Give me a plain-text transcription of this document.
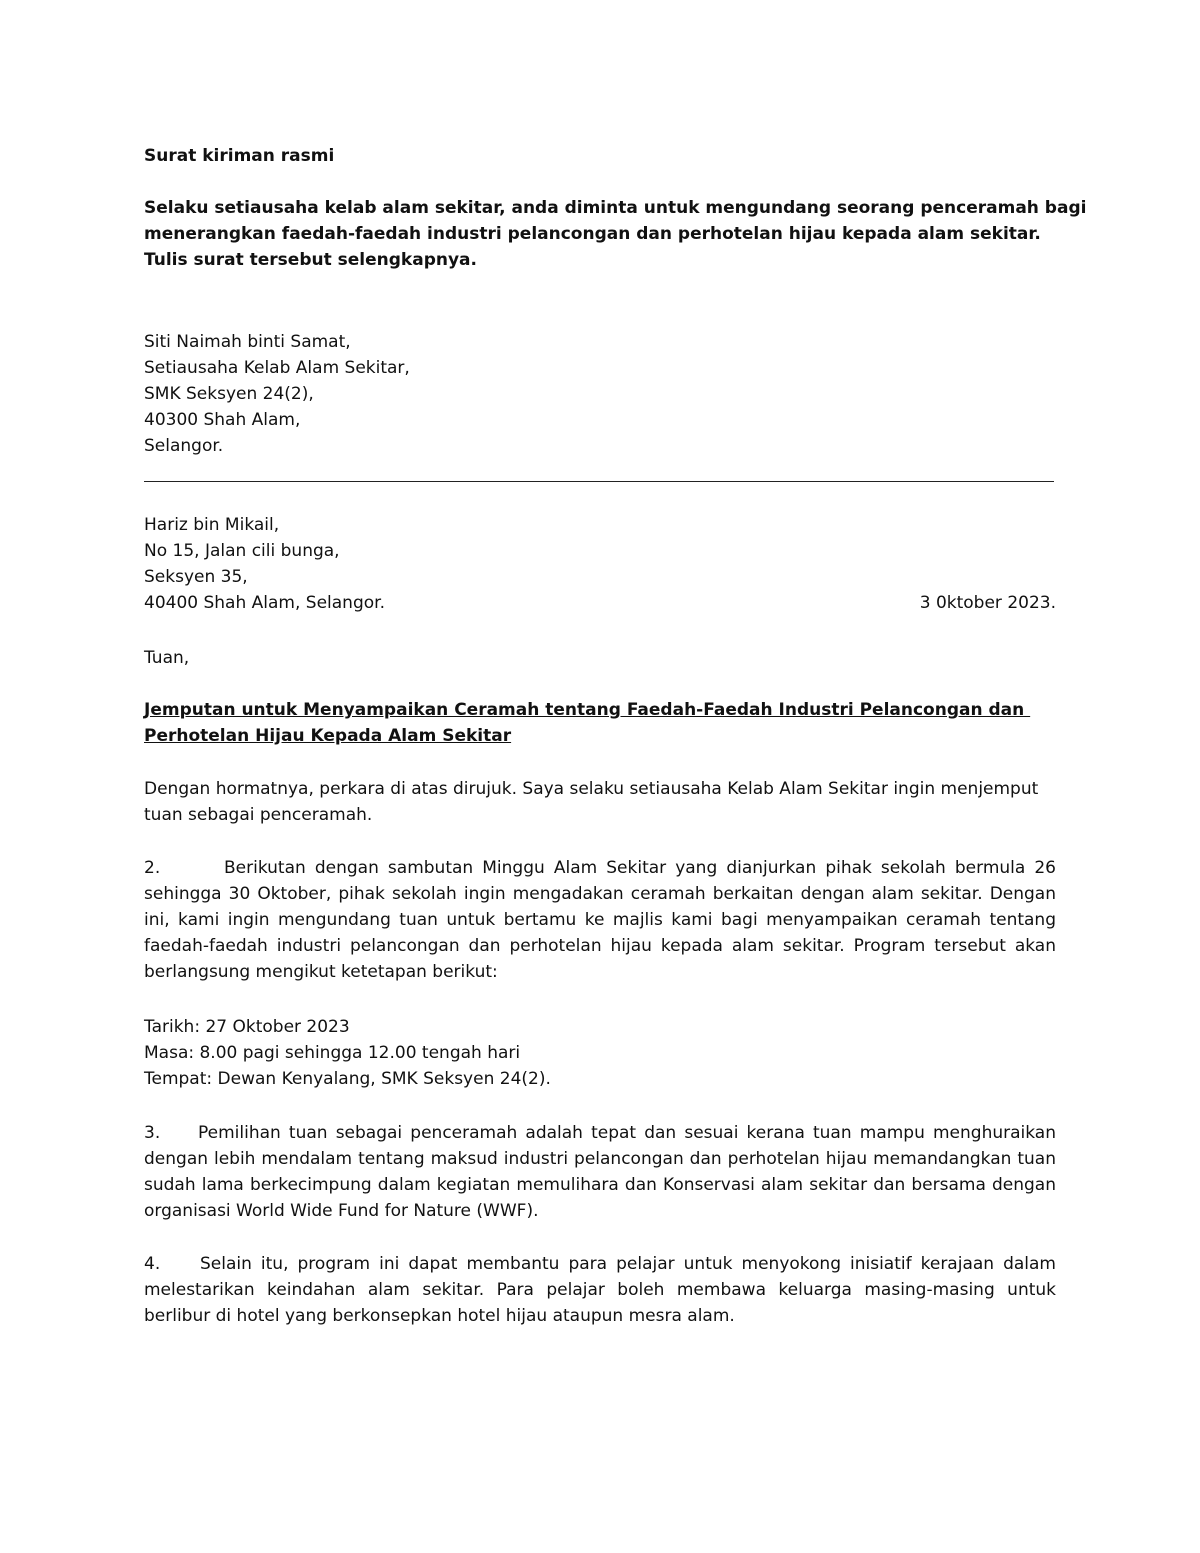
Surat kiriman rasmi
Selaku setiausaha kelab alam sekitar, anda diminta untuk mengundang seorang penceramah bagi
menerangkan faedah-faedah industri pelancongan dan perhotelan hijau kepada alam sekitar.
Tulis surat tersebut selengkapnya.
Siti Naimah binti Samat,
Setiausaha Kelab Alam Sekitar,
SMK Seksyen 24(2),
40300 Shah Alam,
Selangor.
Hariz bin Mikail,
No 15, Jalan cili bunga,
Seksyen 35,
40400 Shah Alam, Selangor.	3 0ktober 2023.
Tuan,
Jemputan untuk Menyampaikan Ceramah tentang Faedah-Faedah Industri Pelancongan dan
Perhotelan Hijau Kepada Alam Sekitar
Dengan hormatnya, perkara di atas dirujuk. Saya selaku setiausaha Kelab Alam Sekitar ingin menjemput
tuan sebagai penceramah.
2.	Berikutan dengan sambutan Minggu Alam Sekitar yang dianjurkan pihak sekolah bermula 26 sehingga 30 Oktober, pihak sekolah ingin mengadakan ceramah berkaitan dengan alam sekitar. Dengan ini, kami ingin mengundang tuan untuk bertamu ke majlis kami bagi menyampaikan ceramah tentang faedah-faedah industri pelancongan dan perhotelan hijau kepada alam sekitar. Program tersebut akan berlangsung mengikut ketetapan berikut:
Tarikh: 27 Oktober 2023
Masa: 8.00 pagi sehingga 12.00 tengah hari
Tempat: Dewan Kenyalang, SMK Seksyen 24(2).
3. Pemilihan tuan sebagai penceramah adalah tepat dan sesuai kerana tuan mampu menghuraikan dengan lebih mendalam tentang maksud industri pelancongan dan perhotelan hijau memandangkan tuan sudah lama berkecimpung dalam kegiatan memulihara dan Konservasi alam sekitar dan bersama dengan organisasi World Wide Fund for Nature (WWF).
4. Selain itu, program ini dapat membantu para pelajar untuk menyokong inisiatif kerajaan dalam melestarikan keindahan alam sekitar. Para pelajar boleh membawa keluarga masing-masing untuk berlibur di hotel yang berkonsepkan hotel hijau ataupun mesra alam.
